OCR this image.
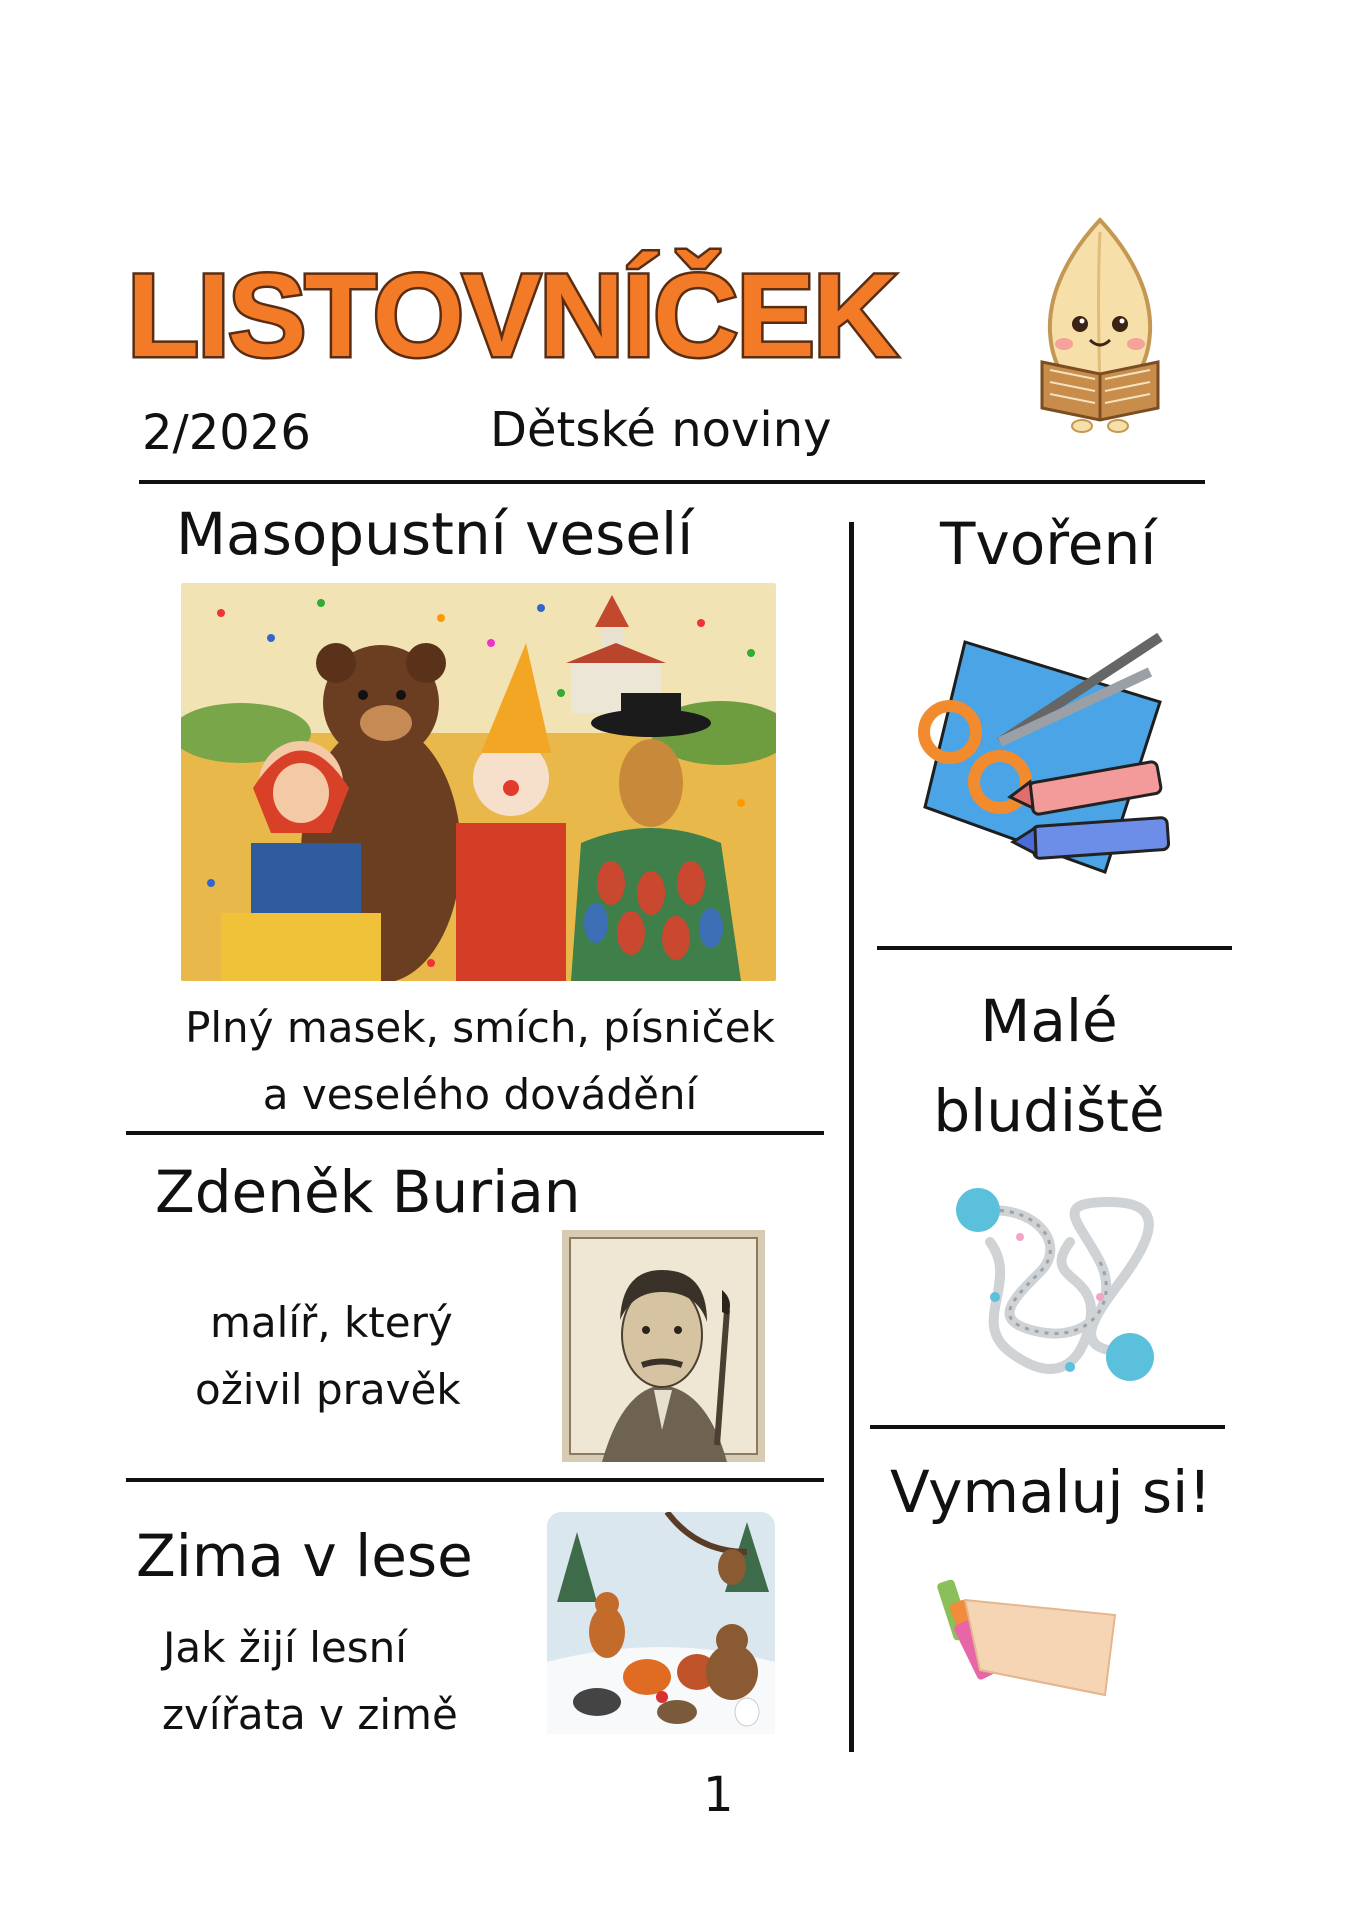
LISTOVNÍČEK
2/2026	Dětské noviny
Masopustní veselí
Plný masek, smích, písniček
a veselého dovádění
Zdeněk Burian
malíř, který
oživil pravěk
Zima v lese
Jak žijí lesní
zvířata v zimě
Tvoření
Malé
bludiště
Vymaluj si!
1
